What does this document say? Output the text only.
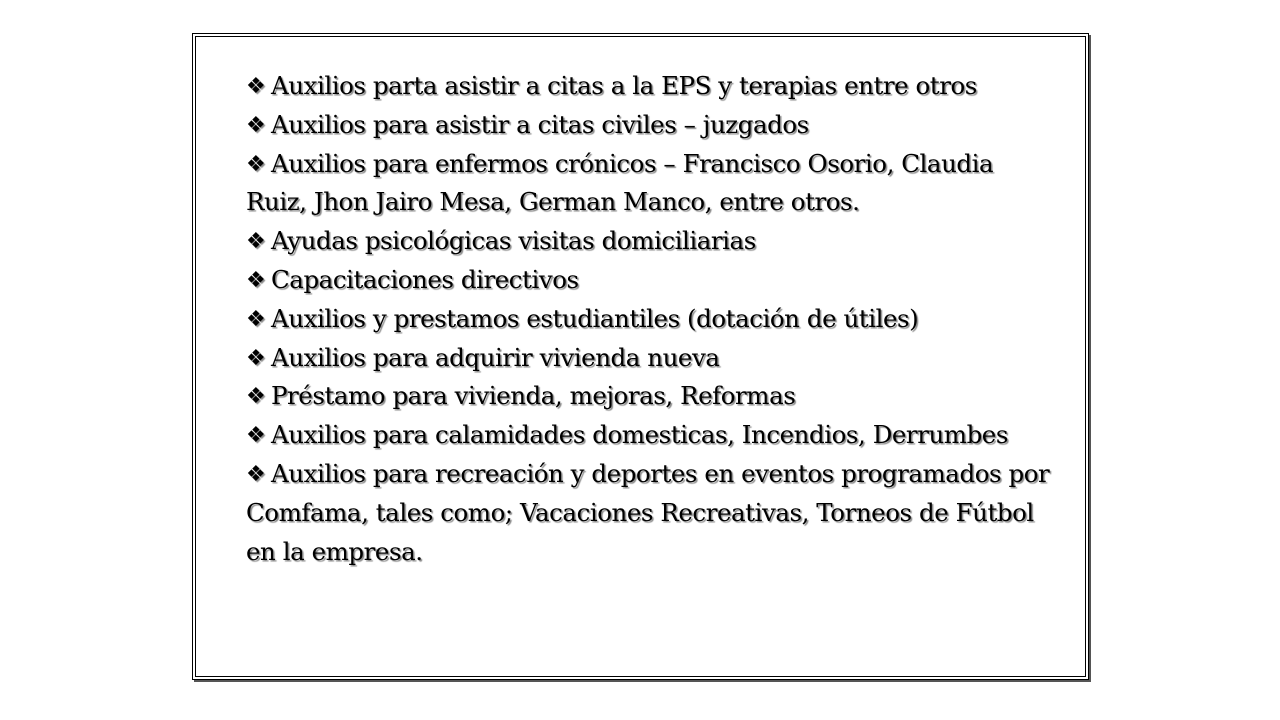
❖ Auxilios parta asistir a citas a la EPS y terapias entre otros
❖ Auxilios para asistir a citas civiles – juzgados
❖ Auxilios para enfermos crónicos – Francisco Osorio, Claudia Ruiz, Jhon Jairo Mesa, German Manco, entre otros.
❖ Ayudas psicológicas visitas domiciliarias
❖ Capacitaciones directivos
❖ Auxilios y prestamos estudiantiles (dotación de útiles)
❖ Auxilios para adquirir vivienda nueva
❖ Préstamo para vivienda, mejoras, Reformas
❖ Auxilios para calamidades domesticas, Incendios, Derrumbes
❖ Auxilios para recreación y deportes en eventos programados por Comfama, tales como; Vacaciones Recreativas, Torneos de Fútbol en la empresa.
